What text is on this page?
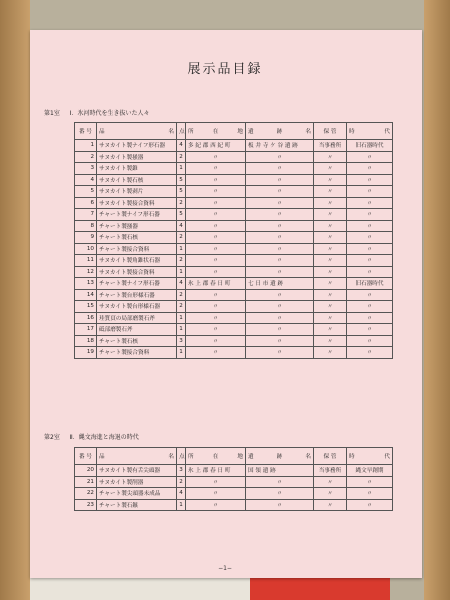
展示品目録
第1室 Ⅰ．氷河時代を生き抜いた人々
番 号	品 名	点	所 在 地	遺 跡 名	保 管	時 代

1	サヌカイト製ナイフ形石器	4	多 紀 郡 西 紀 町	板 井 寺 ケ 谷 遺 跡	当事務所	旧石器時代
2	サヌカイト製掻器	2	〃	〃	〃	〃
3	サヌカイト製錐	1	〃	〃	〃	〃
4	サヌカイト製石核	5	〃	〃	〃	〃
5	サヌカイト製剥片	5	〃	〃	〃	〃
6	サヌカイト製接合資料	2	〃	〃	〃	〃
7	チャート製ナイフ形石器	5	〃	〃	〃	〃
8	チャート製掻器	4	〃	〃	〃	〃
9	チャート製石核	2	〃	〃	〃	〃
10	チャート製接合資料	1	〃	〃	〃	〃
11	サヌカイト製角錐状石器	2	〃	〃	〃	〃
12	サヌカイト製接合資料	1	〃	〃	〃	〃
13	チャート製ナイフ形石器	4	氷 上 郡 春 日 町	七 日 市 遺 跡	〃	旧石器時代
14	チャート製台形様石器	2	〃	〃	〃	〃
15	サヌカイト製台形様石器	2	〃	〃	〃	〃
16	珪質頁の局部磨製石斧	1	〃	〃	〃	〃
17	砥部磨製石斧	1	〃	〃	〃	〃
18	チャート製石核	3	〃	〃	〃	〃
19	チャート製接合資料	1	〃	〃	〃	〃
第2室 Ⅱ．縄文海進と海退の時代
番 号	品 名	点	所 在 地	遺 跡 名	保 管	時 代

20	サヌカイト製有舌尖頭器	3	氷 上 郡 春 日 町	国 領 遺 跡	当事務所	縄文早創期
21	サヌカイト製削器	2	〃	〃	〃	〃
22	チャート製尖頭器未成品	4	〃	〃	〃	〃
23	チャート製石鏃	1	〃	〃	〃	〃
−1−
